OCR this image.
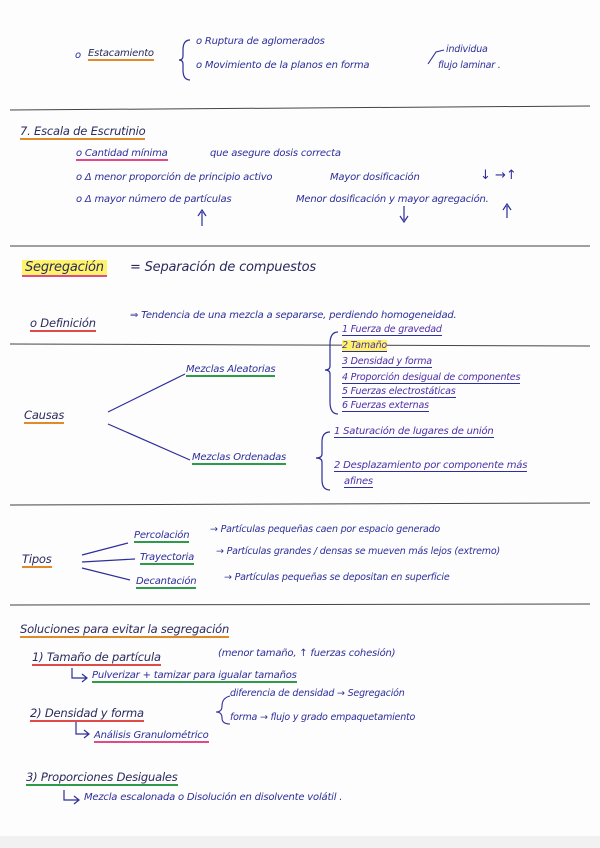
o Estacamiento
o Ruptura de aglomerados
o Movimiento de la planos en forma
individua
flujo laminar .
7. Escala de Escrutinio
o Cantidad mínima	que asegure dosis correcta
o Δ menor proporción de principio activo	Mayor dosificación	↓ →↑
o Δ mayor número de partículas	Menor dosificación y mayor agregación.
Segregación = Separación de compuestos
o Definición
⇒ Tendencia de una mezcla a separarse, perdiendo homogeneidad.
Causas
Mezclas Aleatorias
Mezclas Ordenadas
1 Fuerza de gravedad
2 Tamaño
3 Densidad y forma
4 Proporción desigual de componentes
5 Fuerzas electrostáticas
6 Fuerzas externas
1 Saturación de lugares de unión
2 Desplazamiento por componente más
afines
Tipos
Percolación
→ Partículas pequeñas caen por espacio generado
Trayectoria
→ Partículas grandes / densas se mueven más lejos (extremo)
Decantación	→ Partículas pequeñas se depositan en superficie
Soluciones para evitar la segregación
1) Tamaño de partícula	(menor tamaño, ↑ fuerzas cohesión)
Pulverizar + tamizar para igualar tamaños
2) Densidad y forma
diferencia de densidad → Segregación
forma → flujo y grado empaquetamiento
Análisis Granulométrico
3) Proporciones Desiguales
Mezcla escalonada o Disolución en disolvente volátil .
